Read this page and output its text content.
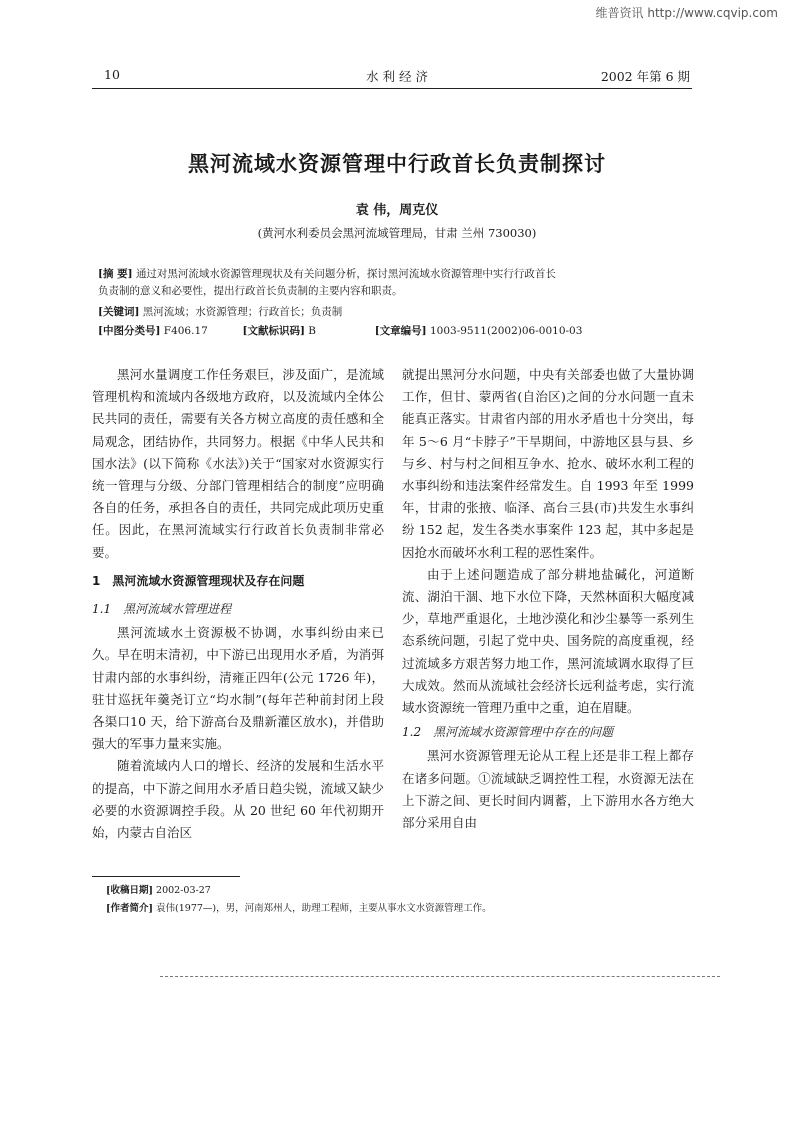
维普资讯 http://www.cqvip.com
10	水 利 经 济	2002 年第 6 期
黑河流域水资源管理中行政首长负责制探讨
袁 伟，周克仪
(黄河水利委员会黑河流域管理局，甘肃 兰州 730030)
[摘 要] 通过对黑河流域水资源管理现状及有关问题分析，探讨黑河流域水资源管理中实行行政首长
负责制的意义和必要性，提出行政首长负责制的主要内容和职责。
[关键词] 黑河流域；水资源管理；行政首长；负责制
[中图分类号] F406.17	[文献标识码] B	[文章编号] 1003-9511(2002)06-0010-03

黑河水量调度工作任务艰巨，涉及面广，是流域管理机构和流域内各级地方政府，以及流域内全体公民共同的责任，需要有关各方树立高度的责任感和全局观念，团结协作，共同努力。根据《中华人民共和国水法》(以下简称《水法》)关于“国家对水资源实行统一管理与分级、分部门管理相结合的制度”应明确各自的任务，承担各自的责任，共同完成此项历史重任。因此，在黑河流域实行行政首长负责制非常必要。

1　黑河流域水资源管理现状及存在问题
1.1　黑河流域水管理进程

黑河流域水土资源极不协调，水事纠纷由来已久。早在明末清初，中下游已出现用水矛盾，为消弭甘肃内部的水事纠纷，清雍正四年(公元 1726 年)，驻甘巡抚年羹尧订立“均水制”(每年芒种前封闭上段各渠口10 天，给下游高台及鼎新灌区放水)，并借助强大的军事力量来实施。

随着流域内人口的增长、经济的发展和生活水平的提高，中下游之间用水矛盾日趋尖锐，流域又缺少必要的水资源调控手段。从 20 世纪 60 年代初期开始，内蒙古自治区

就提出黑河分水问题，中央有关部委也做了大量协调工作，但甘、蒙两省(自治区)之间的分水问题一直未能真正落实。甘肃省内部的用水矛盾也十分突出，每年 5～6 月“卡脖子”干旱期间，中游地区县与县、乡与乡、村与村之间相互争水、抢水、破坏水利工程的水事纠纷和违法案件经常发生。自 1993 年至 1999年，甘肃的张掖、临泽、高台三县(市)共发生水事纠纷 152 起，发生各类水事案件 123 起，其中多起是因抢水而破坏水利工程的恶性案件。

由于上述问题造成了部分耕地盐碱化，河道断流、湖泊干涸、地下水位下降，天然林面积大幅度减少，草地严重退化，土地沙漠化和沙尘暴等一系列生态系统问题，引起了党中央、国务院的高度重视，经过流域多方艰苦努力地工作，黑河流域调水取得了巨大成效。然而从流域社会经济长远利益考虑，实行流域水资源统一管理乃重中之重，迫在眉睫。

1.2　黑河流域水资源管理中存在的问题

黑河水资源管理无论从工程上还是非工程上都存在诸多问题。①流域缺乏调控性工程，水资源无法在上下游之间、更长时间内调蓄，上下游用水各方绝大部分采用自由

[收稿日期] 2002-03-27
[作者简介] 袁伟(1977—)，男，河南郑州人，助理工程师，主要从事水文水资源管理工作。
